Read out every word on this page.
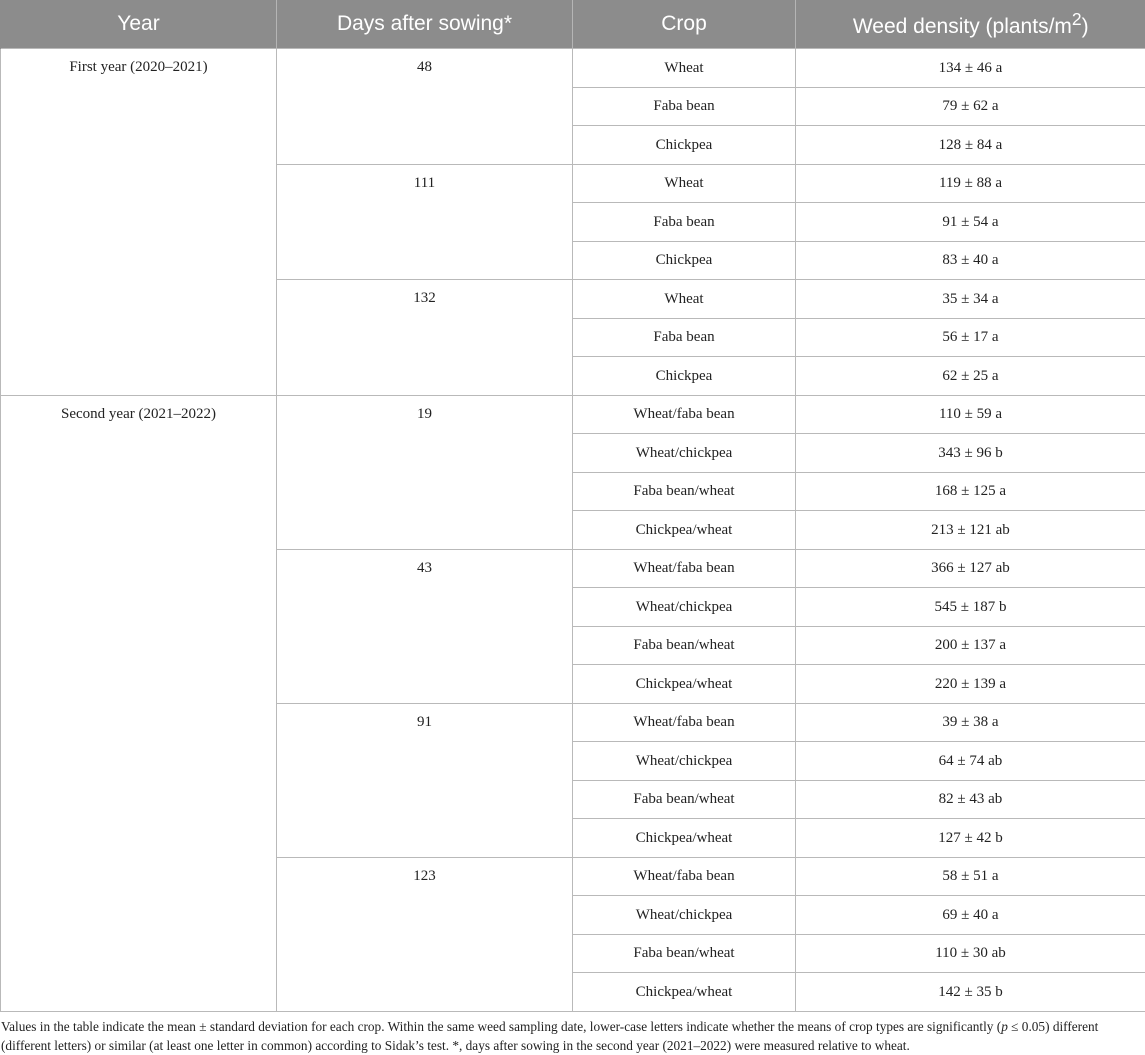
Year	Days after sowing*	Crop	Weed density $(plants/m^2)$
First year (2020–2021)	48	Wheat	134 ± 46 a
		Faba bean	79 ± 62 a
		Chickpea	128 ± 84 a
	111	Wheat	119 ± 88 a
		Faba bean	91 ± 54 a
		Chickpea	83 ± 40 a
	132	Wheat	35 ± 34 a
		Faba bean	56 ± 17 a
		Chickpea	62 ± 25 a
Second year (2021–2022)	19	Wheat/faba bean	110 ± 59 a
		Wheat/chickpea	343 ± 96 b
		Faba bean/wheat	168 ± 125 a
		Chickpea/wheat	213 ± 121 ab
	43	Wheat/faba bean	366 ± 127 ab
		Wheat/chickpea	545 ± 187 b
		Faba bean/wheat	200 ± 137 a
		Chickpea/wheat	220 ± 139 a
	91	Wheat/faba bean	39 ± 38 a
		Wheat/chickpea	64 ± 74 ab
		Faba bean/wheat	82 ± 43 ab
		Chickpea/wheat	127 ± 42 b
	123	Wheat/faba bean	58 ± 51 a
		Wheat/chickpea	69 ± 40 a
		Faba bean/wheat	110 ± 30 ab
		Chickpea/wheat	142 ± 35 b

Values in the table indicate the mean ± standard deviation for each crop. Within the same weed sampling date, lower-case letters indicate whether the means of crop types are significantly (p ≤ 0.05) different (different letters) or similar (at least one letter in common) according to Sidak’s test. *, days after sowing in the second year (2021–2022) were measured relative to wheat.
